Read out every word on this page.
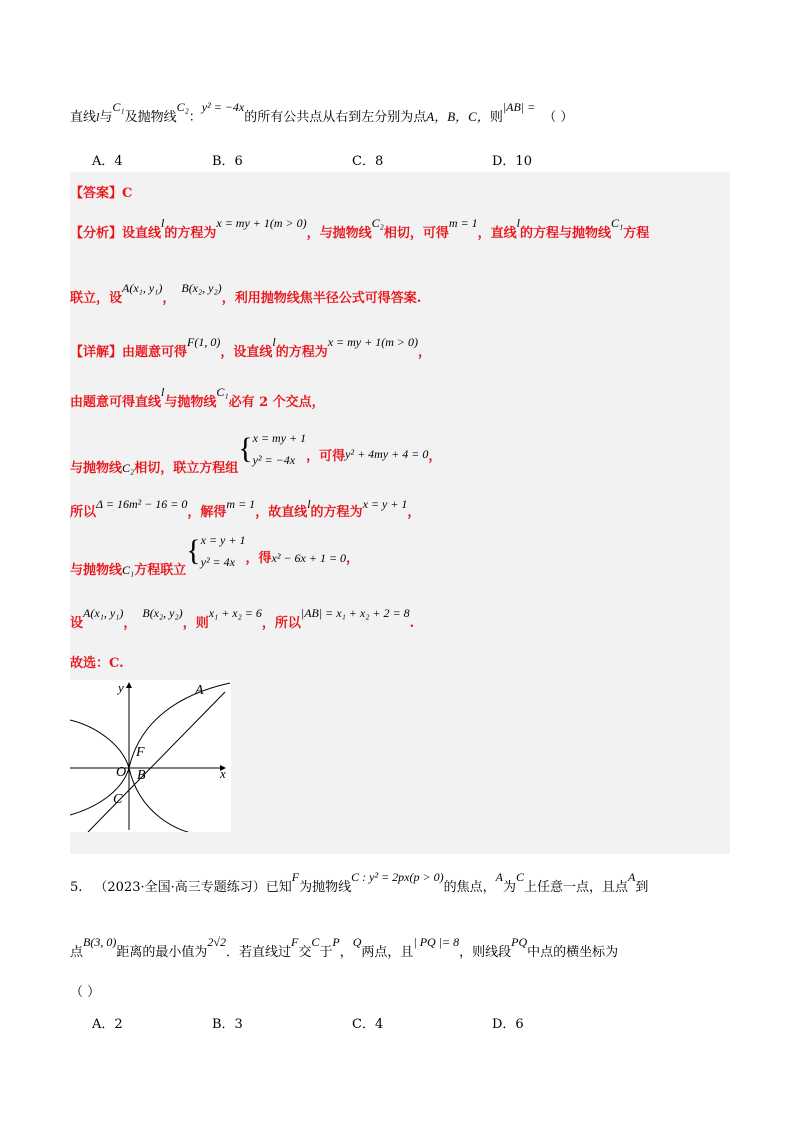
直线l与C₁及抛物线C₂：y² = −4x的所有公共点从右到左分别为点A，B，C，则|AB| =（ ）
A．4	B．6	C．8	D．10
【答案】C
【分析】设直线l的方程为x = my + 1(m > 0)，与抛物线C₂相切，可得m = 1，直线l的方程与抛物线C₁方程
联立，设A(x₁, y₁)，B(x₂, y₂)，利用抛物线焦半径公式可得答案.
【详解】由题意可得F(1, 0)，设直线l的方程为x = my + 1(m > 0)，
由题意可得直线l与抛物线C₁必有 2 个交点，
与抛物线C₂相切，联立方程组{ x = my + 1
y² = −4x ，可得y² + 4my + 4 = 0，
所以Δ = 16m² − 16 = 0，解得m = 1，故直线l的方程为x = y + 1，
与抛物线C₁方程联立{ x = y + 1
y² = 4x ，得x² − 6x + 1 = 0，
设A(x₁, y₁)，B(x₂, y₂)，则x₁ + x₂ = 6，所以|AB| = x₁ + x₂ + 2 = 8.
故选：C.
y
x
A
F
O B
C
5. （2023·全国·高三专题练习）已知F为抛物线C : y² = 2px(p > 0)的焦点，A为C上任意一点，且点A到
点B(3, 0)距离的最小值为2√2．若直线过F交C于P，Q两点，且| PQ |= 8，则线段PQ中点的横坐标为
（ ）
A．2	B．3	C．4	D．6
